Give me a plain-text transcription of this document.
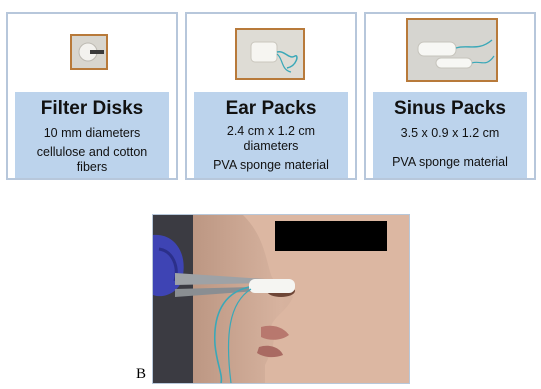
Filter Disks
10 mm diameters
cellulose and cotton fibers
Ear Packs
2.4 cm x 1.2 cm diameters
PVA sponge material
Sinus Packs
3.5 x 0.9 x 1.2 cm
PVA sponge material
B
